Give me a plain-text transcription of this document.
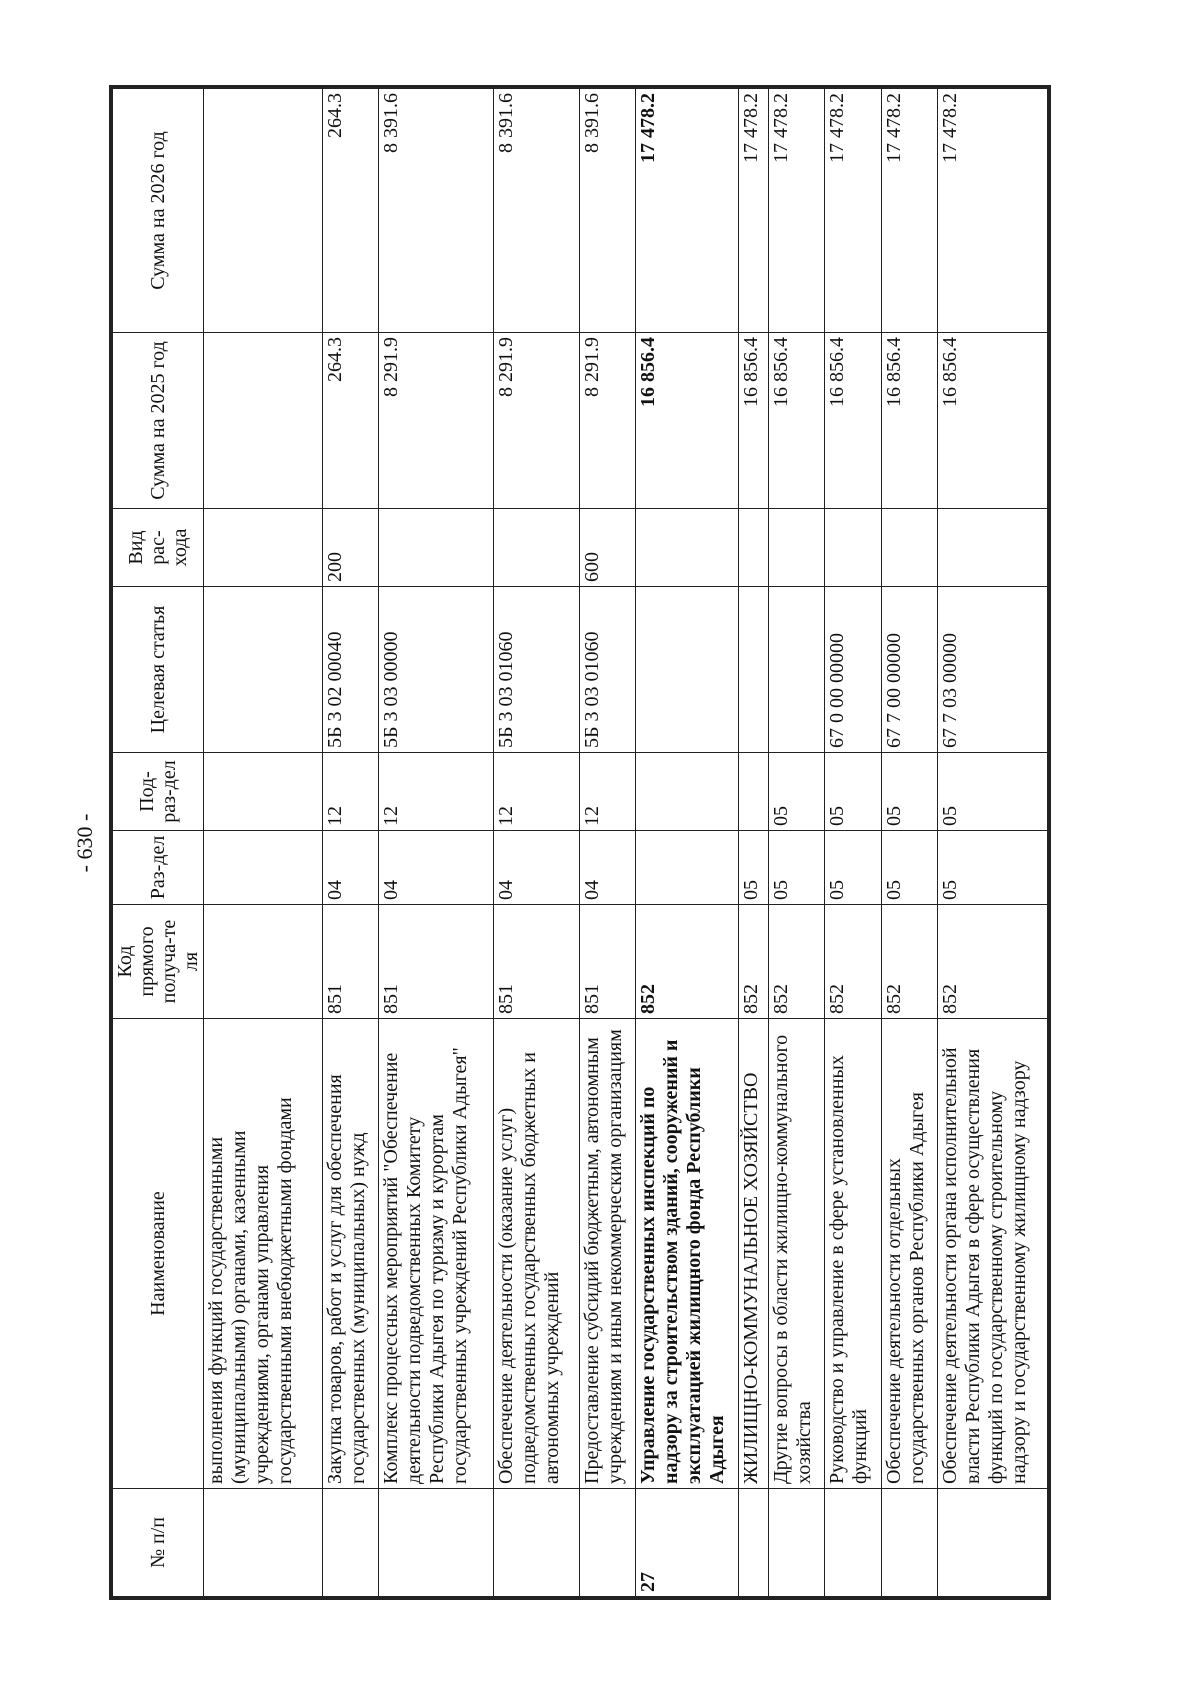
- 630 -
№ п/п	Наименование	Код прямого получа-те ля	Раз-дел	Под-раз-дел	Целевая статья	Вид рас-хода	Сумма на 2025 год	Сумма на 2026 год
	выполнения функций государственными (муниципальными) органами, казенными учреждениями, органами управления государственными внебюджетными фондами							
	Закупка товаров, работ и услуг для обеспечения государственных (муниципальных) нужд	851	04	12	5Б 3 02 00040	200	264.3	264.3
	Комплекс процессных мероприятий "Обеспечение деятельности подведомственных Комитету Республики Адыгея по туризму и курортам государственных учреждений Республики Адыгея"	851	04	12	5Б 3 03 00000		8 291.9	8 391.6
	Обеспечение деятельности (оказание услуг) подведомственных государственных бюджетных и автономных учреждений	851	04	12	5Б 3 03 01060		8 291.9	8 391.6
	Предоставление субсидий бюджетным, автономным учреждениям и иным некоммерческим организациям	851	04	12	5Б 3 03 01060	600	8 291.9	8 391.6
27	Управление государственных инспекций по надзору за строительством зданий, сооружений и эксплуатацией жилищного фонда Республики Адыгея	852					16 856.4	17 478.2
	ЖИЛИЩНО-КОММУНАЛЬНОЕ ХОЗЯЙСТВО	852	05				16 856.4	17 478.2
	Другие вопросы в области жилищно-коммунального хозяйства	852	05	05			16 856.4	17 478.2
	Руководство и управление в сфере установленных функций	852	05	05	67 0 00 00000		16 856.4	17 478.2
	Обеспечение деятельности отдельных государственных органов Республики Адыгея	852	05	05	67 7 00 00000		16 856.4	17 478.2
	Обеспечение деятельности органа исполнительной власти Республики Адыгея в сфере осуществления функций по государственному строительному надзору и государственному жилищному надзору	852	05	05	67 7 03 00000		16 856.4	17 478.2
